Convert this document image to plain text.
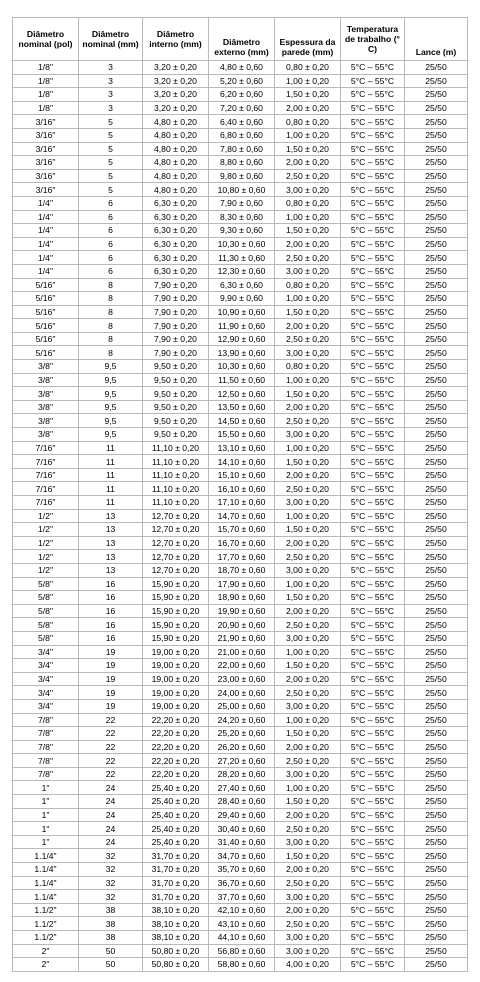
Diâmetro nominal (pol)	Diâmetro nominal (mm)	Diâmetro interno (mm)	Diâmetro externo (mm)	Espessura da parede (mm)	Temperatura de trabalho (° C)	Lance (m)
1/8"	3	3,20 ± 0,20	4,80 ± 0,60	0,80 ± 0,20	5°C – 55°C	25/50
1/8"	3	3,20 ± 0,20	5,20 ± 0,60	1,00 ± 0,20	5°C – 55°C	25/50
1/8"	3	3,20 ± 0,20	6,20 ± 0,60	1,50 ± 0,20	5°C – 55°C	25/50
1/8"	3	3,20 ± 0,20	7,20 ± 0,60	2,00 ± 0,20	5°C – 55°C	25/50
3/16"	5	4,80 ± 0,20	6,40 ± 0,60	0,80 ± 0,20	5°C – 55°C	25/50
3/16"	5	4,80 ± 0,20	6,80 ± 0,60	1,00 ± 0,20	5°C – 55°C	25/50
3/16"	5	4,80 ± 0,20	7,80 ± 0,60	1,50 ± 0,20	5°C – 55°C	25/50
3/16"	5	4,80 ± 0,20	8,80 ± 0,60	2,00 ± 0,20	5°C – 55°C	25/50
3/16"	5	4,80 ± 0,20	9,80 ± 0,60	2,50 ± 0,20	5°C – 55°C	25/50
3/16"	5	4,80 ± 0,20	10,80 ± 0,60	3,00 ± 0,20	5°C – 55°C	25/50
1/4"	6	6,30 ± 0,20	7,90 ± 0,60	0,80 ± 0,20	5°C – 55°C	25/50
1/4"	6	6,30 ± 0,20	8,30 ± 0,60	1,00 ± 0,20	5°C – 55°C	25/50
1/4"	6	6,30 ± 0,20	9,30 ± 0,60	1,50 ± 0,20	5°C – 55°C	25/50
1/4"	6	6,30 ± 0,20	10,30 ± 0,60	2,00 ± 0,20	5°C – 55°C	25/50
1/4"	6	6,30 ± 0,20	11,30 ± 0,60	2,50 ± 0,20	5°C – 55°C	25/50
1/4"	6	6,30 ± 0,20	12,30 ± 0,60	3,00 ± 0,20	5°C – 55°C	25/50
5/16"	8	7,90 ± 0,20	6,30 ± 0,60	0,80 ± 0,20	5°C – 55°C	25/50
5/16"	8	7,90 ± 0,20	9,90 ± 0,60	1,00 ± 0,20	5°C – 55°C	25/50
5/16"	8	7,90 ± 0,20	10,90 ± 0,60	1,50 ± 0,20	5°C – 55°C	25/50
5/16"	8	7,90 ± 0,20	11,90 ± 0,60	2,00 ± 0,20	5°C – 55°C	25/50
5/16"	8	7,90 ± 0,20	12,90 ± 0,60	2,50 ± 0,20	5°C – 55°C	25/50
5/16"	8	7,90 ± 0,20	13,90 ± 0,60	3,00 ± 0,20	5°C – 55°C	25/50
3/8"	9,5	9,50 ± 0,20	10,30 ± 0,60	0,80 ± 0,20	5°C – 55°C	25/50
3/8"	9,5	9,50 ± 0,20	11,50 ± 0,60	1,00 ± 0,20	5°C – 55°C	25/50
3/8"	9,5	9,50 ± 0,20	12,50 ± 0,60	1,50 ± 0,20	5°C – 55°C	25/50
3/8"	9,5	9,50 ± 0,20	13,50 ± 0,60	2,00 ± 0,20	5°C – 55°C	25/50
3/8"	9,5	9,50 ± 0,20	14,50 ± 0,60	2,50 ± 0,20	5°C – 55°C	25/50
3/8"	9,5	9,50 ± 0,20	15,50 ± 0,60	3,00 ± 0,20	5°C – 55°C	25/50
7/16"	11	11,10 ± 0,20	13,10 ± 0,60	1,00 ± 0,20	5°C – 55°C	25/50
7/16"	11	11,10 ± 0,20	14,10 ± 0,60	1,50 ± 0,20	5°C – 55°C	25/50
7/16"	11	11,10 ± 0,20	15,10 ± 0,60	2,00 ± 0,20	5°C – 55°C	25/50
7/16"	11	11,10 ± 0,20	16,10 ± 0,60	2,50 ± 0,20	5°C – 55°C	25/50
7/16"	11	11,10 ± 0,20	17,10 ± 0,60	3,00 ± 0,20	5°C – 55°C	25/50
1/2"	13	12,70 ± 0,20	14,70 ± 0,60	1,00 ± 0,20	5°C – 55°C	25/50
1/2"	13	12,70 ± 0,20	15,70 ± 0,60	1,50 ± 0,20	5°C – 55°C	25/50
1/2"	13	12,70 ± 0,20	16,70 ± 0,60	2,00 ± 0,20	5°C – 55°C	25/50
1/2"	13	12,70 ± 0,20	17,70 ± 0,60	2,50 ± 0,20	5°C – 55°C	25/50
1/2"	13	12,70 ± 0,20	18,70 ± 0,60	3,00 ± 0,20	5°C – 55°C	25/50
5/8"	16	15,90 ± 0,20	17,90 ± 0,60	1,00 ± 0,20	5°C – 55°C	25/50
5/8"	16	15,90 ± 0,20	18,90 ± 0,60	1,50 ± 0,20	5°C – 55°C	25/50
5/8"	16	15,90 ± 0,20	19,90 ± 0,60	2,00 ± 0,20	5°C – 55°C	25/50
5/8"	16	15,90 ± 0,20	20,90 ± 0,60	2,50 ± 0,20	5°C – 55°C	25/50
5/8"	16	15,90 ± 0,20	21,90 ± 0,60	3,00 ± 0,20	5°C – 55°C	25/50
3/4"	19	19,00 ± 0,20	21,00 ± 0,60	1,00 ± 0,20	5°C – 55°C	25/50
3/4"	19	19,00 ± 0,20	22,00 ± 0,60	1,50 ± 0,20	5°C – 55°C	25/50
3/4"	19	19,00 ± 0,20	23,00 ± 0,60	2,00 ± 0,20	5°C – 55°C	25/50
3/4"	19	19,00 ± 0,20	24,00 ± 0,60	2,50 ± 0,20	5°C – 55°C	25/50
3/4"	19	19,00 ± 0,20	25,00 ± 0,60	3,00 ± 0,20	5°C – 55°C	25/50
7/8"	22	22,20 ± 0,20	24,20 ± 0,60	1,00 ± 0,20	5°C – 55°C	25/50
7/8"	22	22,20 ± 0,20	25,20 ± 0,60	1,50 ± 0,20	5°C – 55°C	25/50
7/8"	22	22,20 ± 0,20	26,20 ± 0,60	2,00 ± 0,20	5°C – 55°C	25/50
7/8"	22	22,20 ± 0,20	27,20 ± 0,60	2,50 ± 0,20	5°C – 55°C	25/50
7/8"	22	22,20 ± 0,20	28,20 ± 0,60	3,00 ± 0,20	5°C – 55°C	25/50
1"	24	25,40 ± 0,20	27,40 ± 0,60	1,00 ± 0,20	5°C – 55°C	25/50
1"	24	25,40 ± 0,20	28,40 ± 0,60	1,50 ± 0,20	5°C – 55°C	25/50
1"	24	25,40 ± 0,20	29,40 ± 0,60	2,00 ± 0,20	5°C – 55°C	25/50
1"	24	25,40 ± 0,20	30,40 ± 0,60	2,50 ± 0,20	5°C – 55°C	25/50
1"	24	25,40 ± 0,20	31,40 ± 0,60	3,00 ± 0,20	5°C – 55°C	25/50
1.1/4"	32	31,70 ± 0,20	34,70 ± 0,60	1,50 ± 0,20	5°C – 55°C	25/50
1.1/4"	32	31,70 ± 0,20	35,70 ± 0,60	2,00 ± 0,20	5°C – 55°C	25/50
1.1/4"	32	31,70 ± 0,20	36,70 ± 0,60	2,50 ± 0,20	5°C – 55°C	25/50
1.1/4"	32	31,70 ± 0,20	37,70 ± 0,60	3,00 ± 0,20	5°C – 55°C	25/50
1.1/2"	38	38,10 ± 0,20	42,10 ± 0,60	2,00 ± 0,20	5°C – 55°C	25/50
1.1/2"	38	38,10 ± 0,20	43,10 ± 0,60	2,50 ± 0,20	5°C – 55°C	25/50
1.1/2"	38	38,10 ± 0,20	44,10 ± 0,60	3,00 ± 0,20	5°C – 55°C	25/50
2"	50	50,80 ± 0,20	56,80 ± 0,60	3,00 ± 0,20	5°C – 55°C	25/50
2"	50	50,80 ± 0,20	58,80 ± 0,60	4,00 ± 0,20	5°C – 55°C	25/50
